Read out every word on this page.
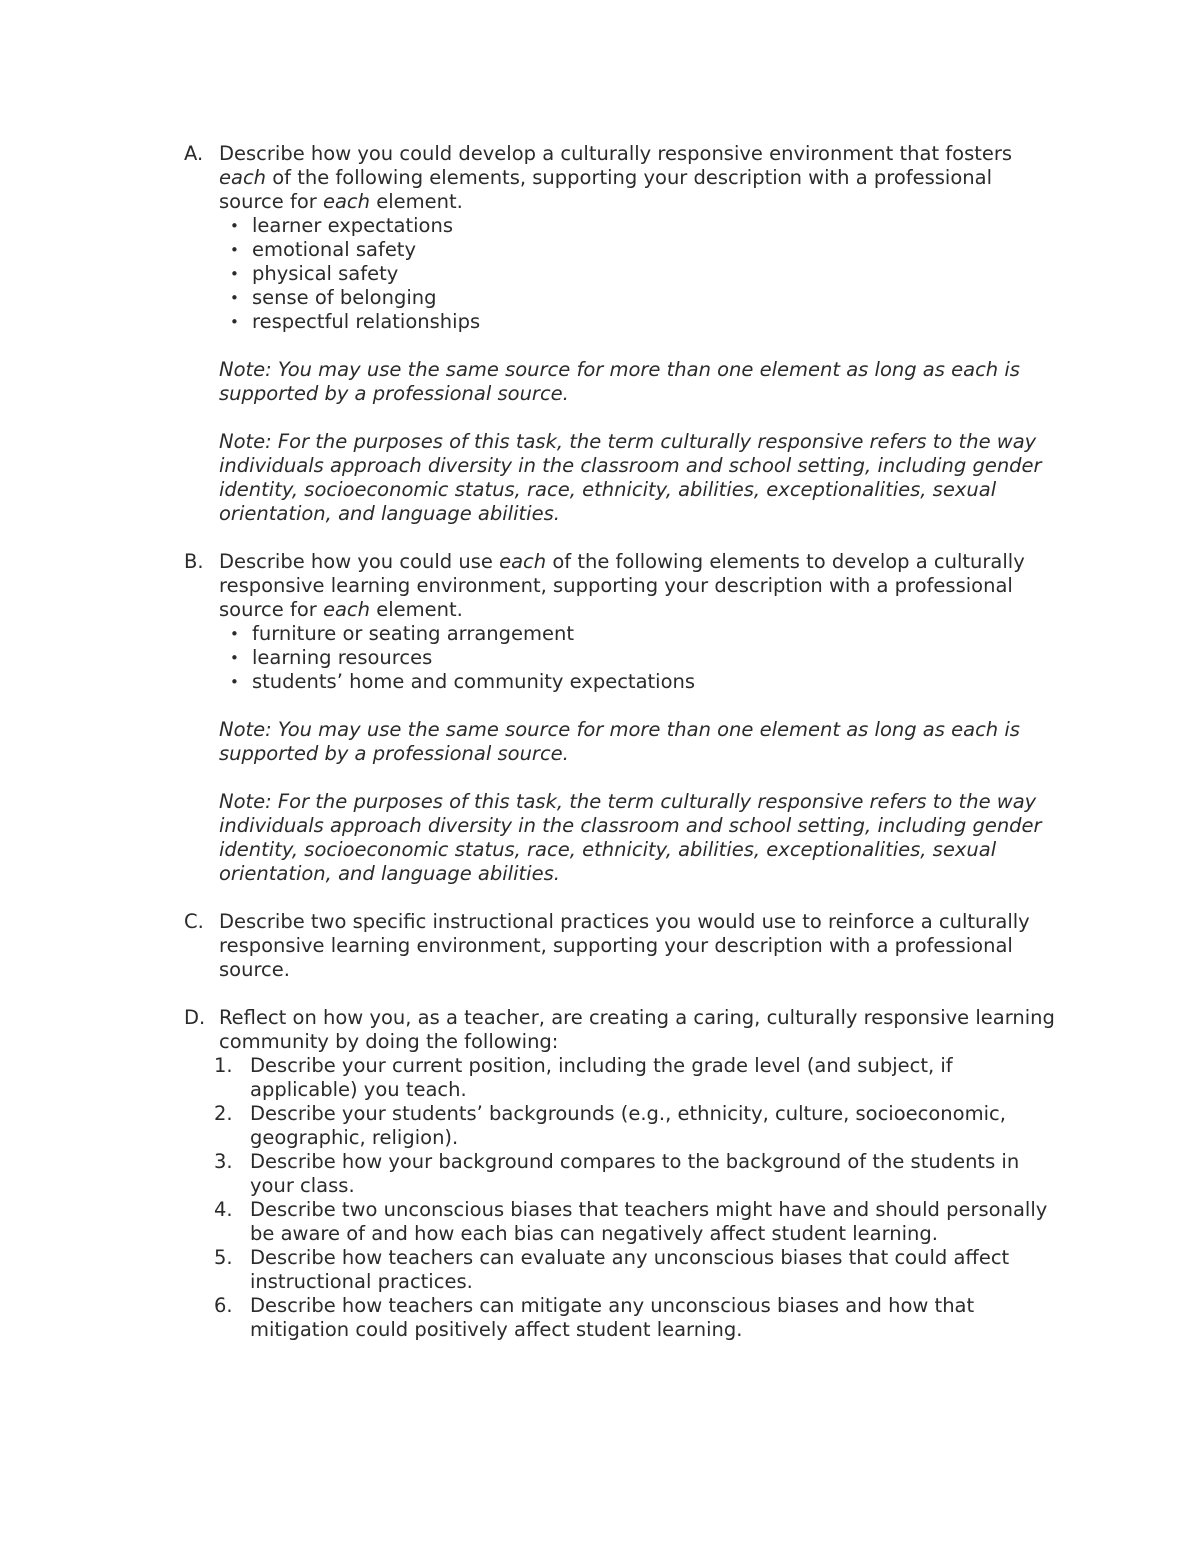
A. Describe how you could develop a culturally responsive environment that fosters each of the following elements, supporting your description with a professional source for each element.

• learner expectations
• emotional safety
• physical safety
• sense of belonging
• respectful relationships

Note: You may use the same source for more than one element as long as each is supported by a professional source.

Note: For the purposes of this task, the term culturally responsive refers to the way individuals approach diversity in the classroom and school setting, including gender identity, socioeconomic status, race, ethnicity, abilities, exceptionalities, sexual orientation, and language abilities.

B. Describe how you could use each of the following elements to develop a culturally responsive learning environment, supporting your description with a professional source for each element.

• furniture or seating arrangement
• learning resources
• students’ home and community expectations

Note: You may use the same source for more than one element as long as each is supported by a professional source.

Note: For the purposes of this task, the term culturally responsive refers to the way individuals approach diversity in the classroom and school setting, including gender identity, socioeconomic status, race, ethnicity, abilities, exceptionalities, sexual orientation, and language abilities.

C. Describe two specific instructional practices you would use to reinforce a culturally responsive learning environment, supporting your description with a professional source.

D. Reflect on how you, as a teacher, are creating a caring, culturally responsive learning community by doing the following:

1. Describe your current position, including the grade level (and subject, if applicable) you teach.
2. Describe your students’ backgrounds (e.g., ethnicity, culture, socioeconomic, geographic, religion).
3. Describe how your background compares to the background of the students in your class.
4. Describe two unconscious biases that teachers might have and should personally be aware of and how each bias can negatively affect student learning.
5. Describe how teachers can evaluate any unconscious biases that could affect instructional practices.
6. Describe how teachers can mitigate any unconscious biases and how that mitigation could positively affect student learning.
